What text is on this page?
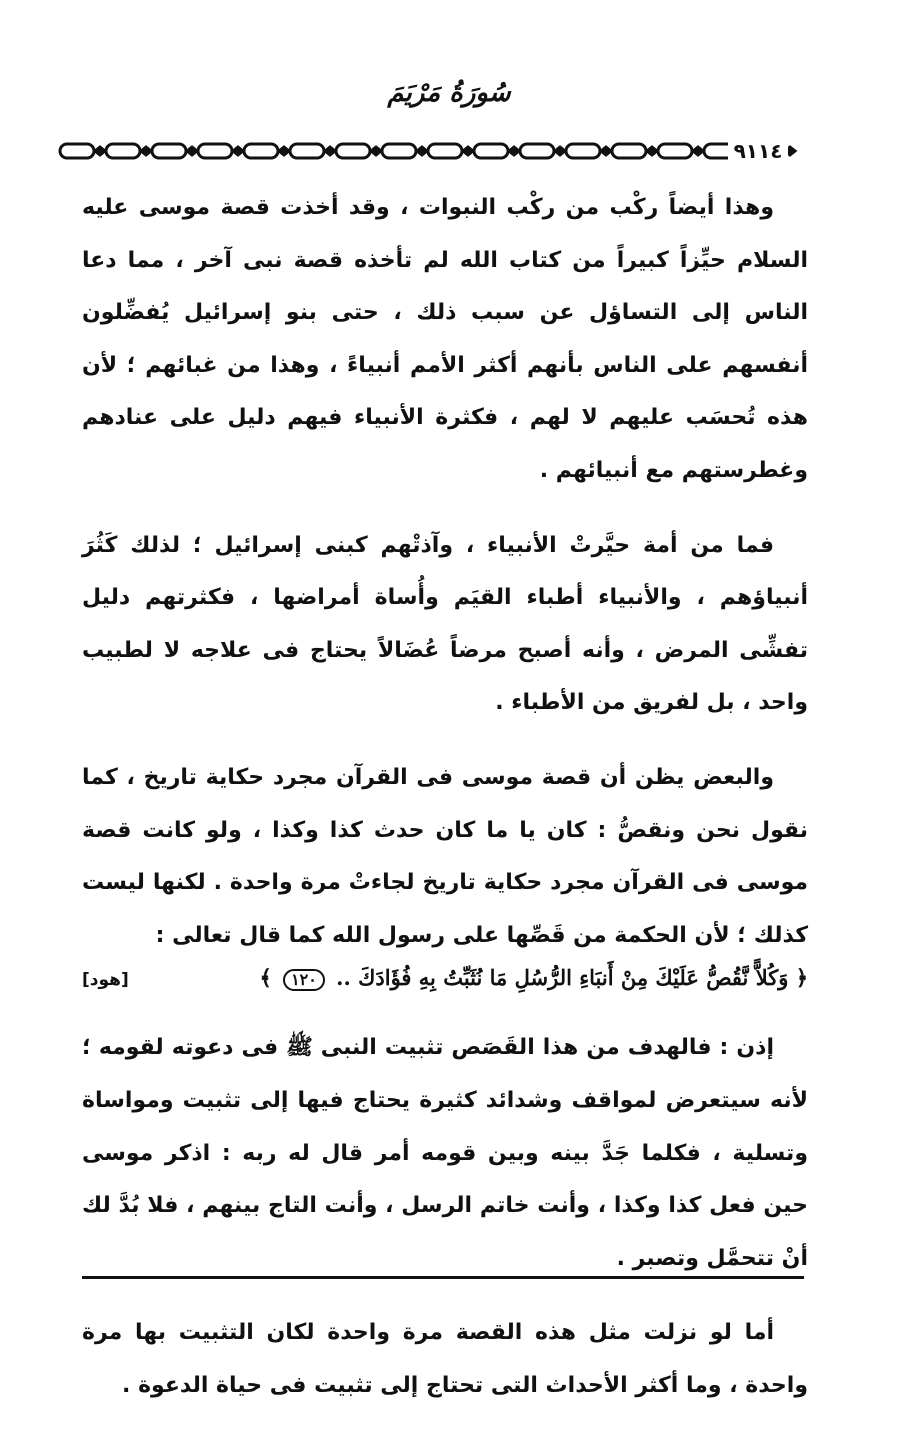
سُورَةُ مَرْيَمَ
٩١١٤

وهذا أيضاً ركْب من ركْب النبوات ، وقد أخذت قصة موسى عليه السلام حيِّزاً كبيراً من كتاب الله لم تأخذه قصة نبى آخر ، مما دعا الناس إلى التساؤل عن سبب ذلك ، حتى بنو إسرائيل يُفضِّلون أنفسهم على الناس بأنهم أكثر الأمم أنبياءً ، وهذا من غبائهم ؛ لأن هذه تُحسَب عليهم لا لهم ، فكثرة الأنبياء فيهم دليل على عنادهم وغطرستهم مع أنبيائهم .

فما من أمة حيَّرتْ الأنبياء ، وآذتْهم كبنى إسرائيل ؛ لذلك كَثُرَ أنبياؤهم ، والأنبياء أطباء القيَم وأُساة أمراضها ، فكثرتهم دليل تفشِّى المرض ، وأنه أصبح مرضاً عُضَالاً يحتاج فى علاجه لا لطبيب واحد ، بل لفريق من الأطباء .

والبعض يظن أن قصة موسى فى القرآن مجرد حكاية تاريخ ، كما نقول نحن ونقصُّ : كان يا ما كان حدث كذا وكذا ، ولو كانت قصة موسى فى القرآن مجرد حكاية تاريخ لجاءتْ مرة واحدة . لكنها ليست كذلك ؛ لأن الحكمة من قَصِّها على رسول الله كما قال تعالى :

﴿ وَكُلاًّ نَّقُصُّ عَلَيْكَ مِنْ أَنبَاءِ الرُّسُلِ مَا نُثَبِّتُ بِهِ فُؤَادَكَ .. ١٢٠ ﴾
[هود]

إذن : فالهدف من هذا القَصَص تثبيت النبى ﷺ فى دعوته لقومه ؛ لأنه سيتعرض لمواقف وشدائد كثيرة يحتاج فيها إلى تثبيت ومواساة وتسلية ، فكلما جَدَّ بينه وبين قومه أمر قال له ربه : اذكر موسى حين فعل كذا وكذا ، وأنت خاتم الرسل ، وأنت التاج بينهم ، فلا بُدَّ لك أنْ تتحمَّل وتصبر .

أما لو نزلت مثل هذه القصة مرة واحدة لكان التثبيت بها مرة واحدة ، وما أكثر الأحداث التى تحتاج إلى تثبيت فى حياة الدعوة .
